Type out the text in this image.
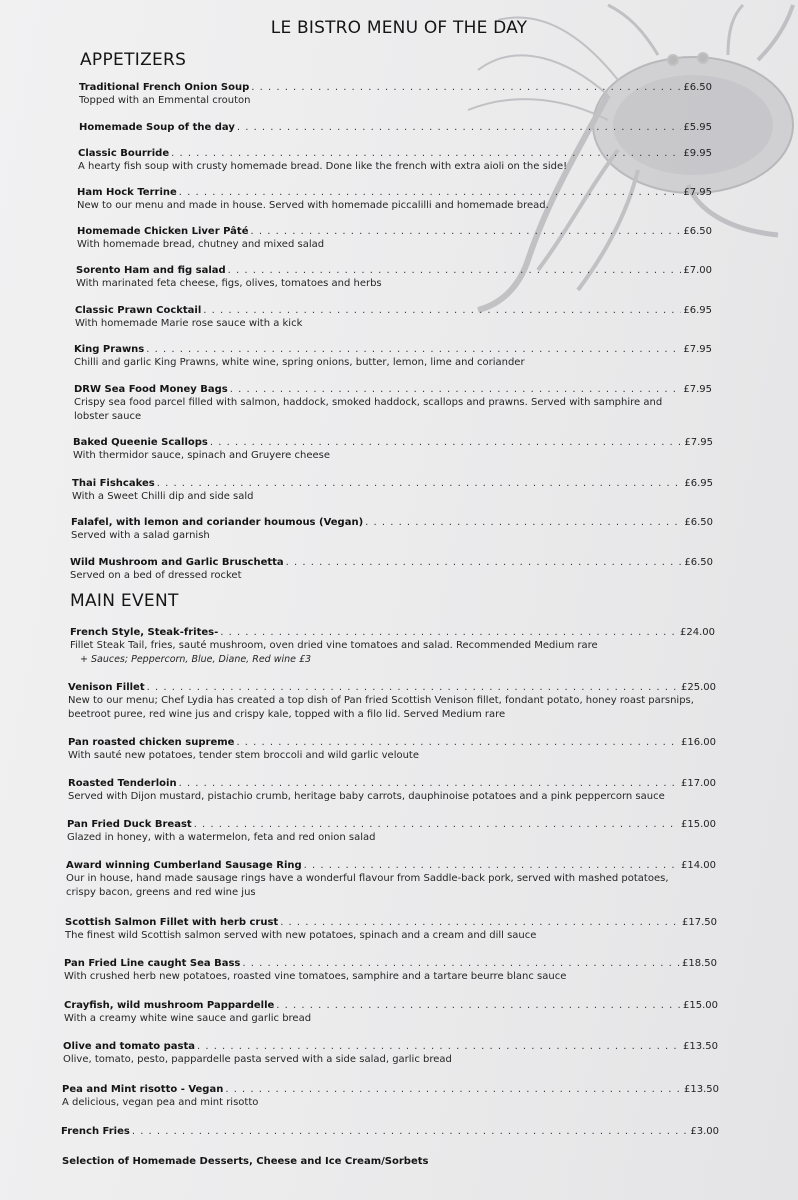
LE BISTRO MENU OF THE DAY
APPETIZERS
MAIN EVENT
Traditional French Onion Soup . . .	£6.50
Topped with an Emmental crouton
Homemade Soup of the day . . .	£5.95
Classic Bourride . . .	£9.95
A hearty fish soup with crusty homemade bread. Done like the french with extra aioli on the side!
Ham Hock Terrine . . .	£7.95
New to our menu and made in house. Served with homemade piccalilli and homemade bread.
Homemade Chicken Liver Pâté . . .	£6.50
With homemade bread, chutney and mixed salad
Sorento Ham and fig salad . . .	£7.00
With marinated feta cheese, figs, olives, tomatoes and herbs
Classic Prawn Cocktail . . .	£6.95
With homemade Marie rose sauce with a kick
King Prawns . . .	£7.95
Chilli and garlic King Prawns, white wine, spring onions, butter, lemon, lime and coriander
DRW Sea Food Money Bags . . .	£7.95
Crispy sea food parcel filled with salmon, haddock, smoked haddock, scallops and prawns. Served with samphire and lobster sauce
Baked Queenie Scallops . . .	£7.95
With thermidor sauce, spinach and Gruyere cheese
Thai Fishcakes . . .	£6.95
With a Sweet Chilli dip and side sald
Falafel, with lemon and coriander houmous (Vegan) . . .	£6.50
Served with a salad garnish
Wild Mushroom and Garlic Bruschetta . . .	£6.50
Served on a bed of dressed rocket
French Style, Steak-frites- . . .	£24.00
Fillet Steak Tail, fries, sauté mushroom, oven dried vine tomatoes and salad. Recommended Medium rare
+ Sauces; Peppercorn, Blue, Diane, Red wine £3
Venison Fillet . . .	£25.00
New to our menu; Chef Lydia has created a top dish of Pan fried Scottish Venison fillet, fondant potato, honey roast parsnips, beetroot puree, red wine jus and crispy kale, topped with a filo lid. Served Medium rare
Pan roasted chicken supreme . . .	£16.00
With sauté new potatoes, tender stem broccoli and wild garlic veloute
Roasted Tenderloin . . .	£17.00
Served with Dijon mustard, pistachio crumb, heritage baby carrots, dauphinoise potatoes and a pink peppercorn sauce
Pan Fried Duck Breast . . .	£15.00
Glazed in honey, with a watermelon, feta and red onion salad
Award winning Cumberland Sausage Ring . . .	£14.00
Our in house, hand made sausage rings have a wonderful flavour from Saddle-back pork, served with mashed potatoes, crispy bacon, greens and red wine jus
Scottish Salmon Fillet with herb crust . . .	£17.50
The finest wild Scottish salmon served with new potatoes, spinach and a cream and dill sauce
Pan Fried Line caught Sea Bass . . .	£18.50
With crushed herb new potatoes, roasted vine tomatoes, samphire and a tartare beurre blanc sauce
Crayfish, wild mushroom Pappardelle . . .	£15.00
With a creamy white wine sauce and garlic bread
Olive and tomato pasta . . .	£13.50
Olive, tomato, pesto, pappardelle pasta served with a side salad, garlic bread
Pea and Mint risotto - Vegan . . .	£13.50
A delicious, vegan pea and mint risotto
French Fries . . .	£3.00
Selection of Homemade Desserts, Cheese and Ice Cream/Sorbets
